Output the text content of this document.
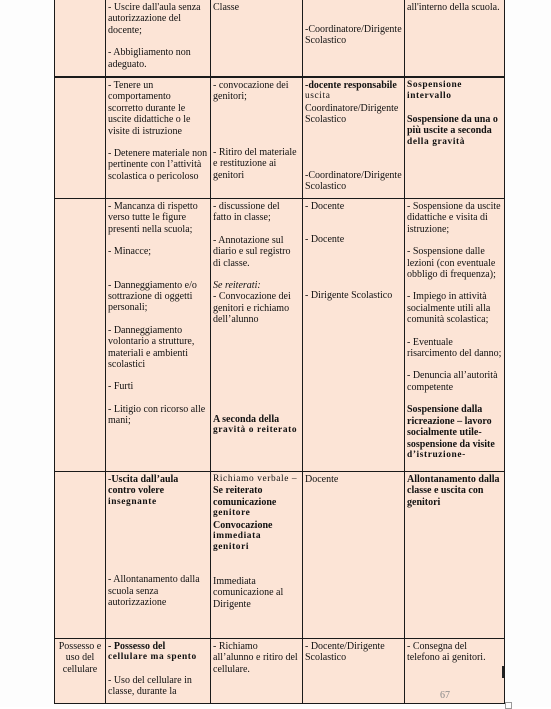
- Uscire dall'aula senza autorizzazione del docente;
- Abbigliamento non adeguato.
Classe
-Coordinatore/Dirigente Scolastico
all'interno della scuola.
- Tenere un comportamento scorretto durante le uscite didattiche o le visite di istruzione
- Detenere materiale non pertinente con l’attività scolastica o pericoloso
- convocazione dei genitori;
- Ritiro del materiale e restituzione ai genitori
-docente responsabile
uscita
Coordinatore/Dirigente Scolastico
-Coordinatore/Dirigente Scolastico
Sospensione intervallo
Sospensione da una o più uscite a seconda
della gravità
- Mancanza di rispetto verso tutte le figure presenti nella scuola;
- Minacce;
- Danneggiamento e/o sottrazione di oggetti personali;
- Danneggiamento volontario a strutture, materiali e ambienti scolastici
- Furti
- Litigio con ricorso alle mani;
- discussione del fatto in classe;
- Annotazione sul diario e sul registro di classe.
Se reiterati:
- Convocazione dei genitori e richiamo dell’alunno
A seconda della
gravità o reiterato
- Docente
- Docente
- Dirigente Scolastico
- Sospensione da uscite didattiche e visita di istruzione;
- Sospensione dalle lezioni (con eventuale obbligo di frequenza);
- Impiego in attività socialmente utili alla comunità scolastica;
- Eventuale risarcimento del danno;
- Denuncia all’autorità competente
Sospensione dalla ricreazione – lavoro socialmente utile- sospensione da visite
d’istruzione-
-Uscita dall’aula contro volere
insegnante
- Allontanamento dalla scuola senza autorizzazione
Richiamo verbale –
Se reiterato comunicazione
genitore
Convocazione
immediata genitori
Immediata comunicazione al Dirigente
Docente	Allontanamento dalla classe e uscita con genitori
Possesso e uso del cellulare
- Possesso del
cellulare ma spento
- Uso del cellulare in classe, durante la
- Richiamo all’alunno e ritiro del cellulare.
- Docente/Dirigente Scolastico
- Consegna del telefono ai genitori.
67
